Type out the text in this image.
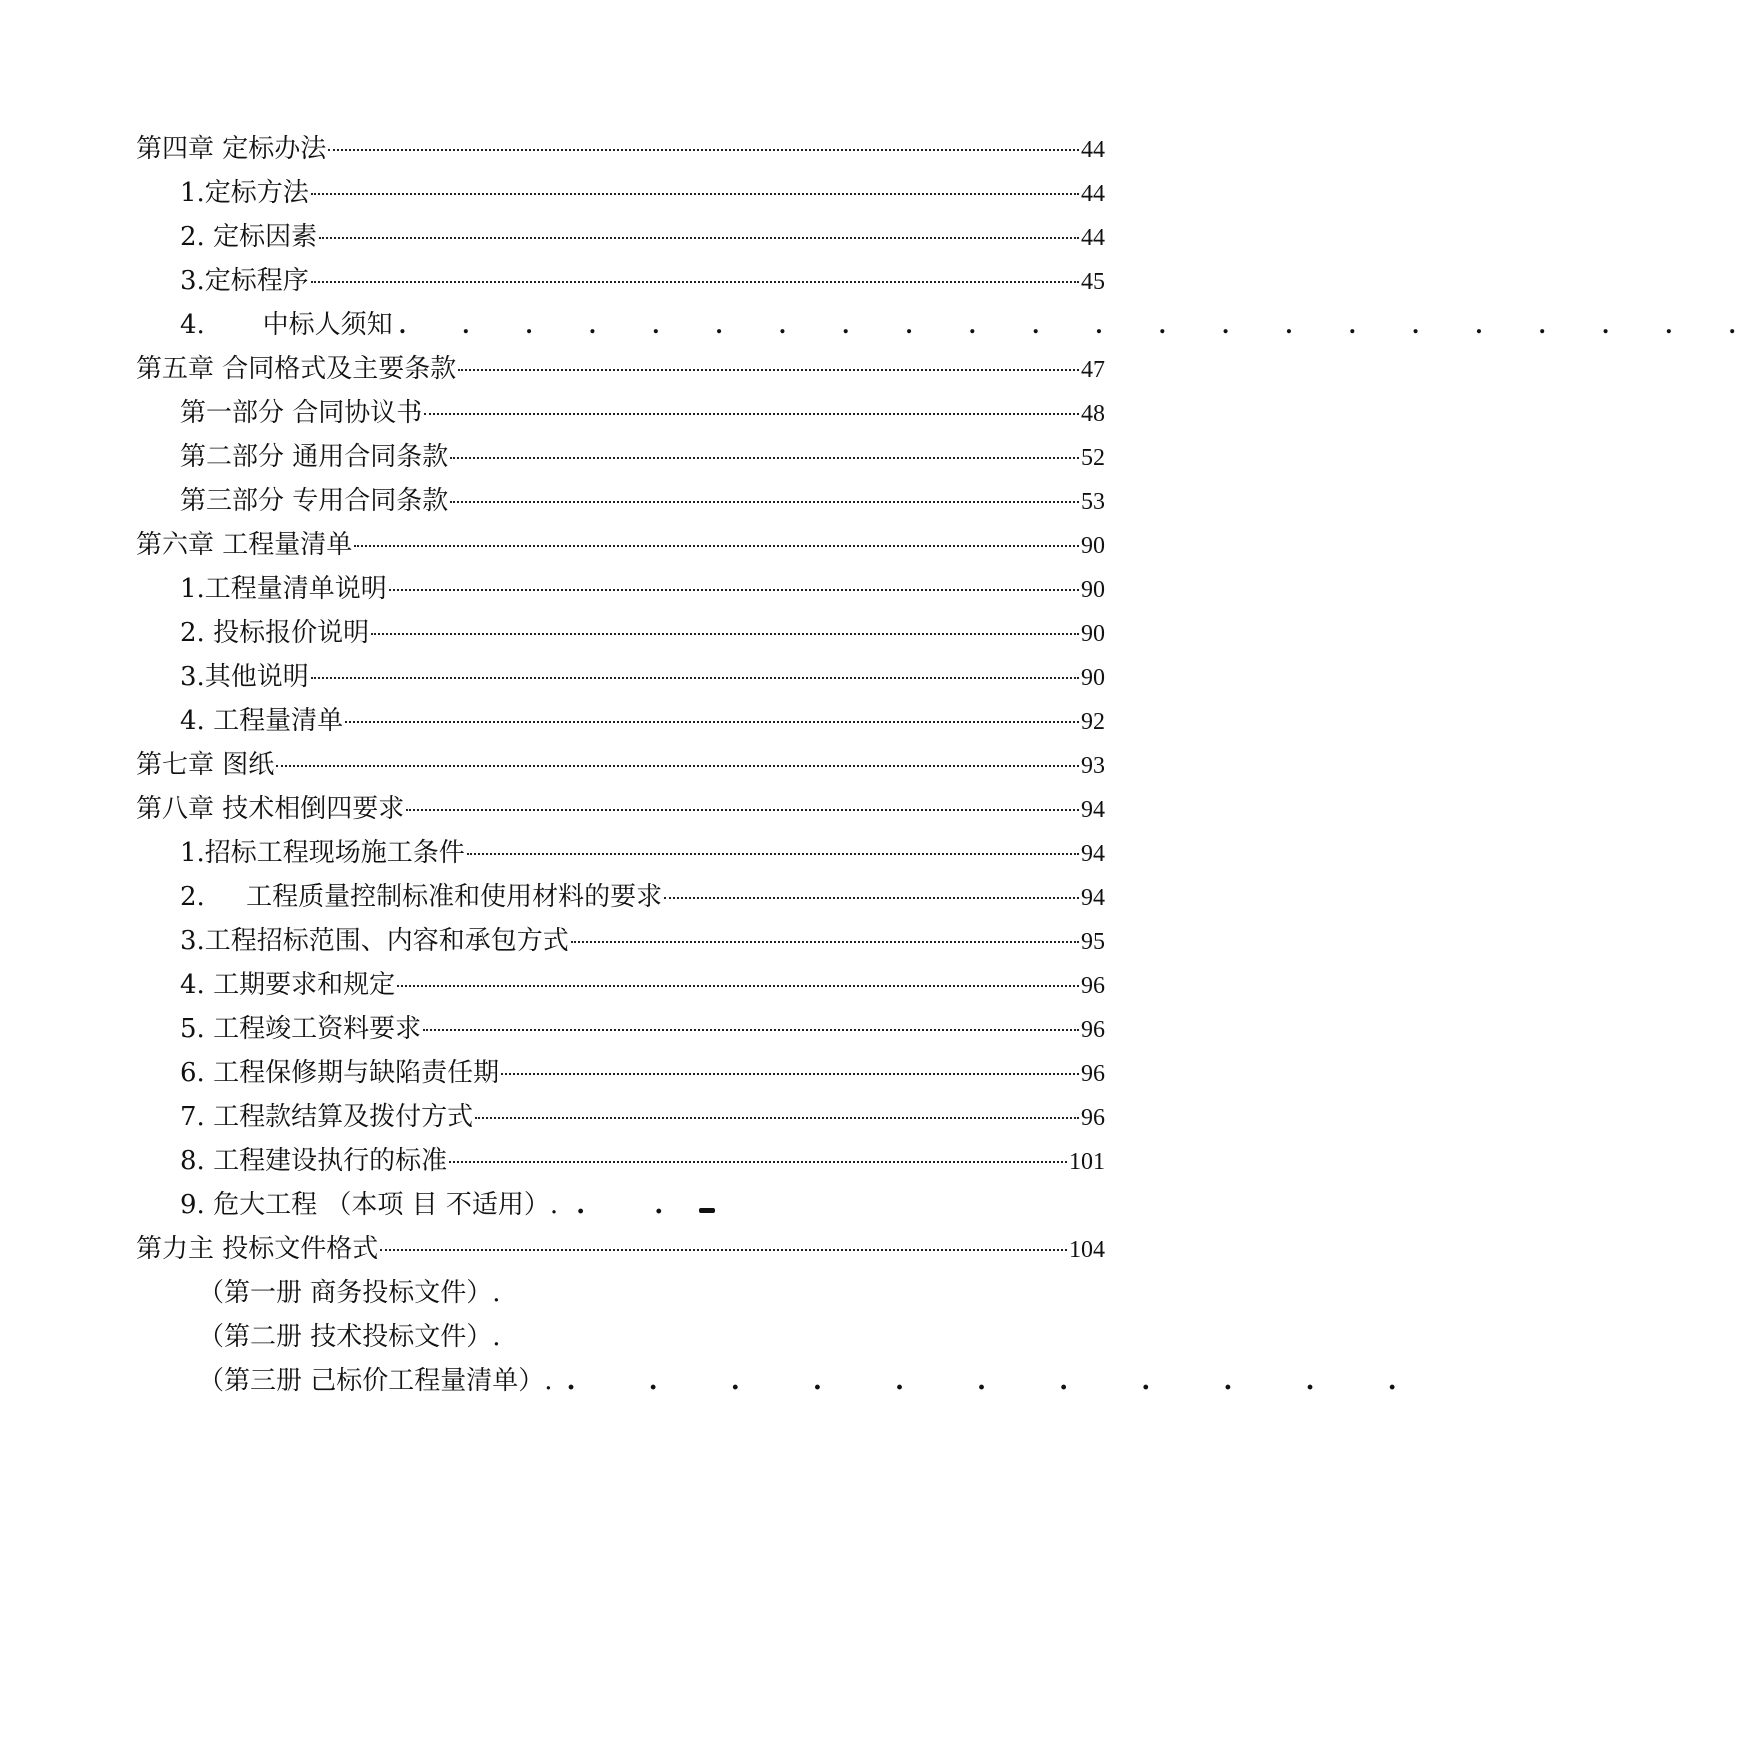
第四章 定标办法	44
1.定标方法	44
2. 定标因素	44
3.定标程序	45
4.       中标人须知 . . . . . . . . . . . . . . . . . . . . . .
第五章 合同格式及主要条款	47
第一部分 合同协议书	48
第二部分 通用合同条款	52
第三部分 专用合同条款	53
第六章 工程量清单	90
1.工程量清单说明	90
2. 投标报价说明	90
3.其他说明	90
4. 工程量清单	92
第七章 图纸	93
第八章 技术相倒四要求	94
1.招标工程现场施工条件	94
2.     工程质量控制标准和使用材料的要求	94
3.工程招标范围、内容和承包方式	95
4. 工期要求和规定	96
5. 工程竣工资料要求	96
6. 工程保修期与缺陷责任期	96
7. 工程款结算及拨付方式	96
8. 工程建设执行的标准	101
9. 危大工程 （本项 目 不适用）. . .
第力主 投标文件格式	104
（第一册 商务投标文件）.
（第二册 技术投标文件）.
（第三册 己标价工程量清单）. . . . . . . . . . . .
